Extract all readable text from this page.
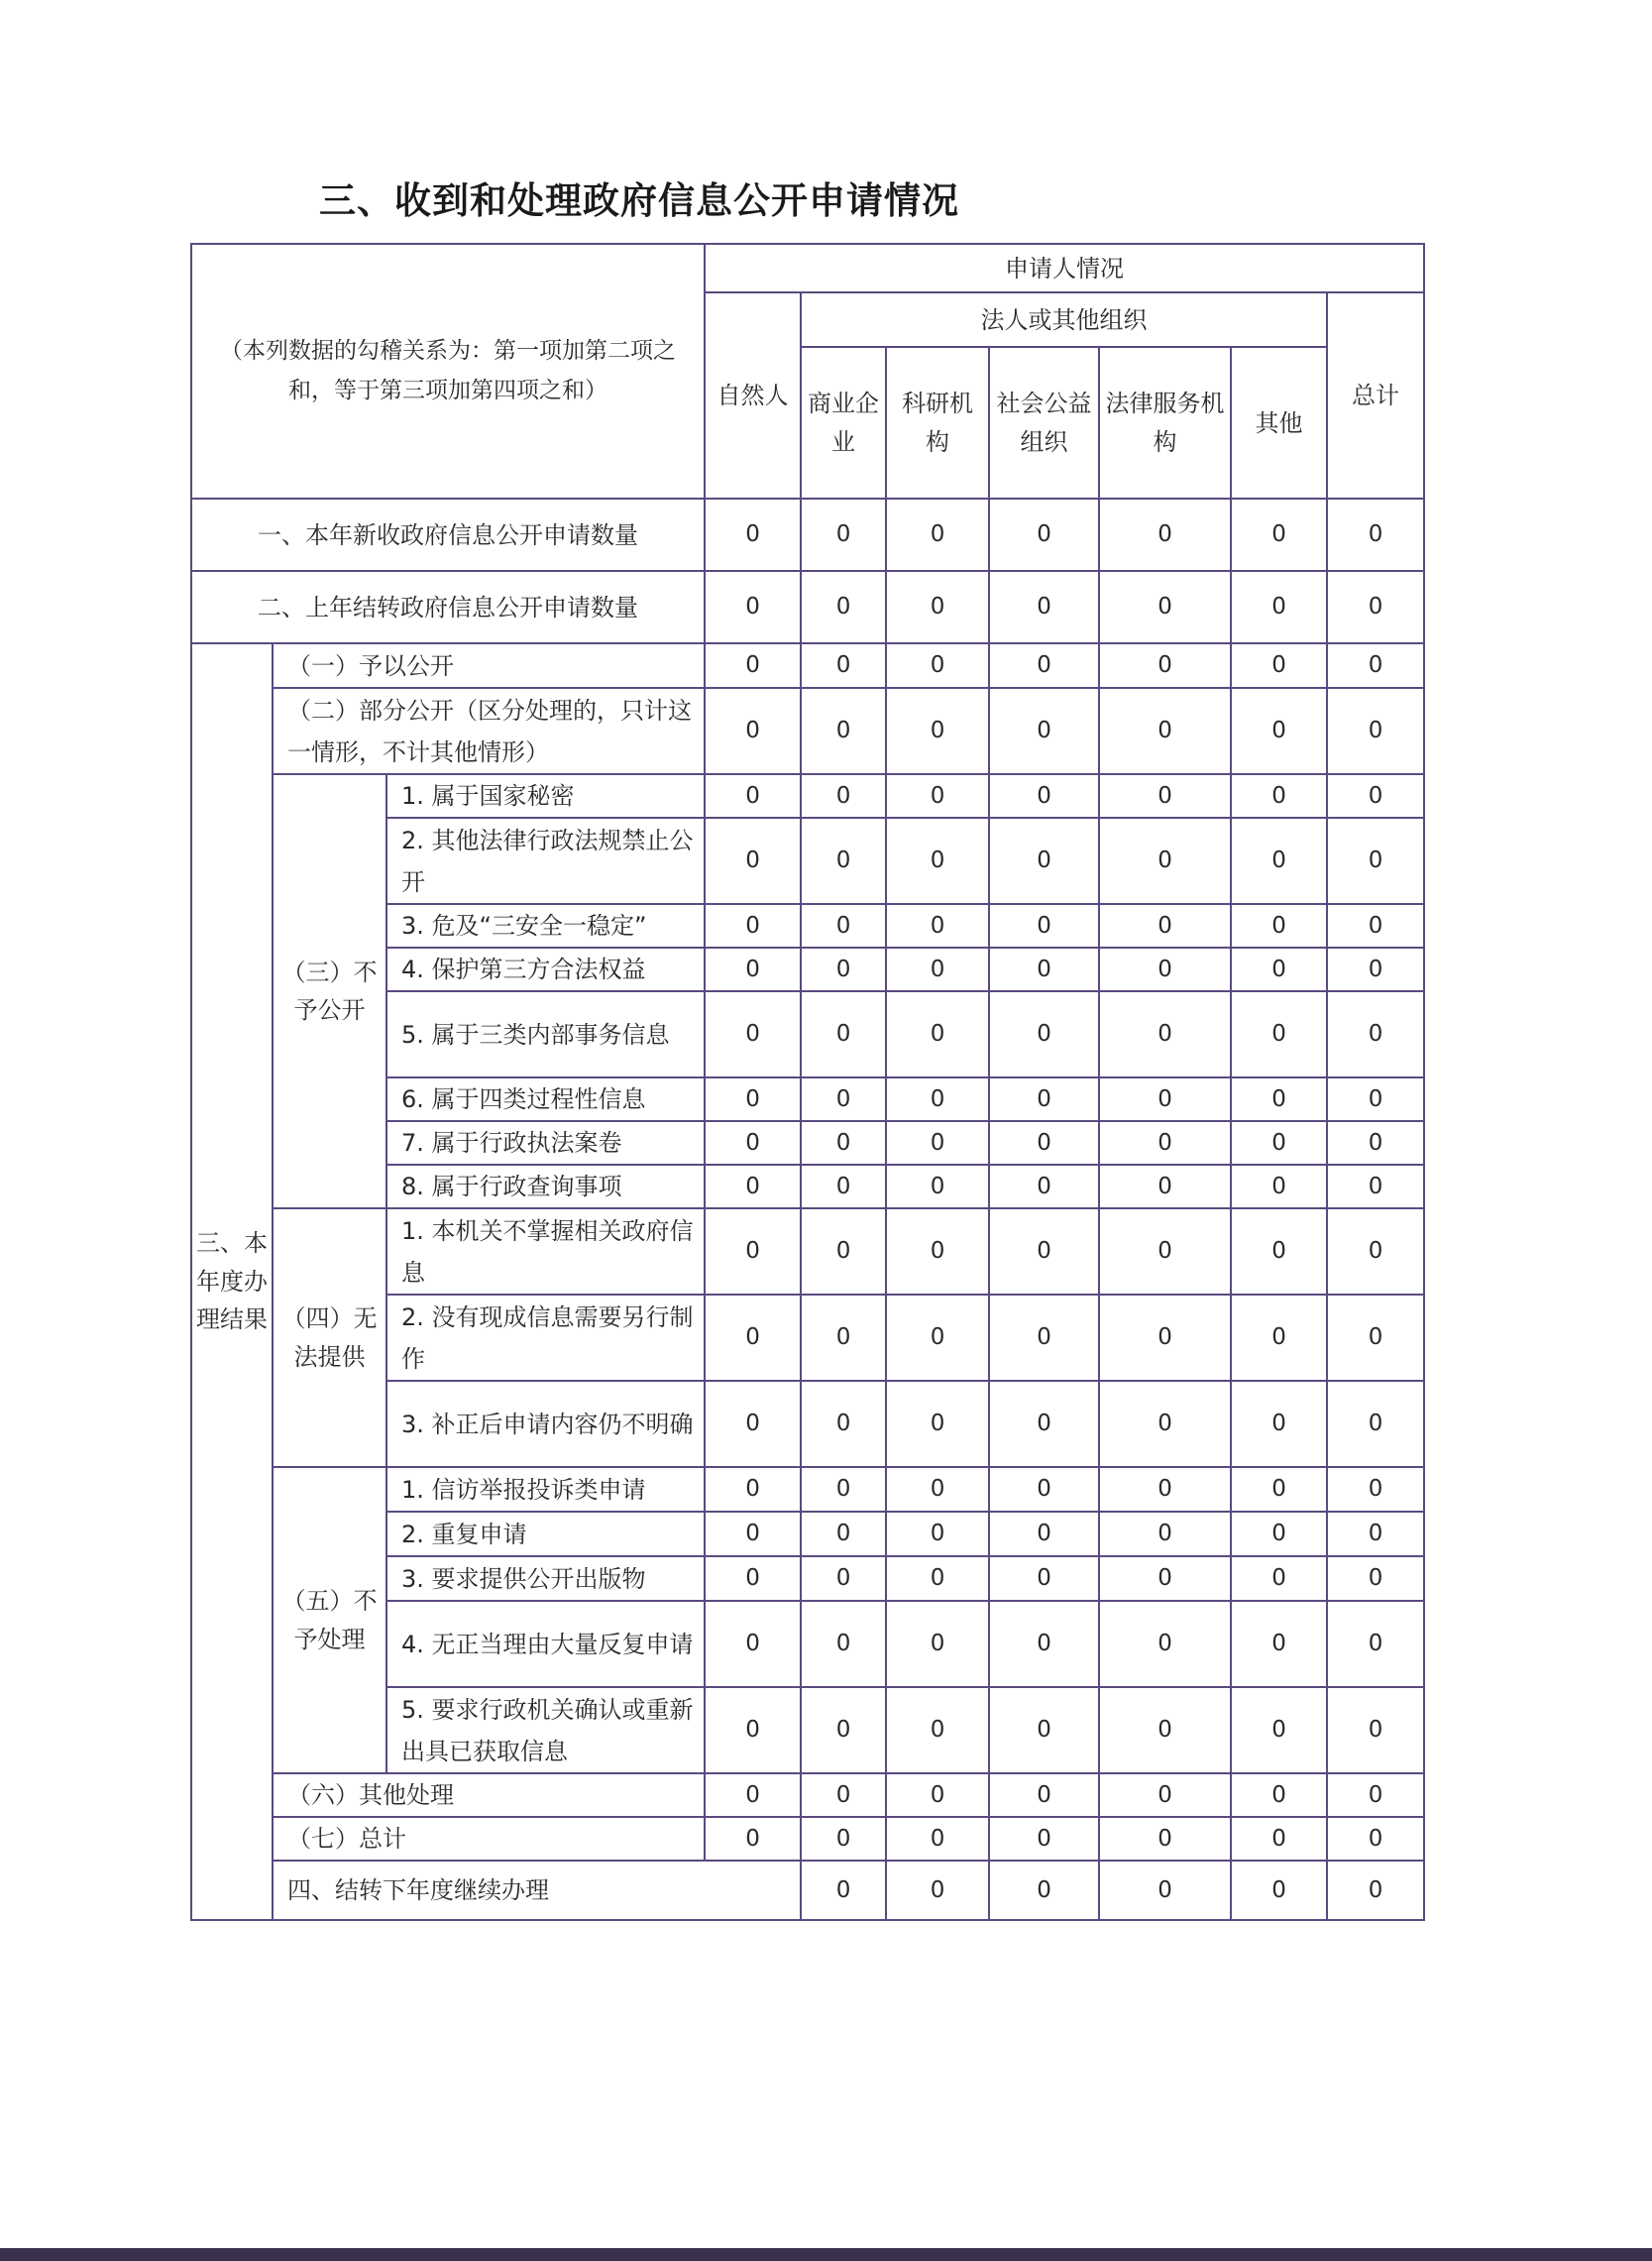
三、收到和处理政府信息公开申请情况
（本列数据的勾稽关系为：第一项加第二项之和，等于第三项加第四项之和）			申请人情况							
			自然人	法人或其他组织					总计	
				商业企业	科研机构	社会公益组织	法律服务机构	其他		
一、本年新收政府信息公开申请数量			0	0	0	0	0	0	0	
二、上年结转政府信息公开申请数量			0	0	0	0	0	0	0	
三、本年度办理结果	（一）予以公开		0	0	0	0	0	0	0	
	（二）部分公开（区分处理的，只计这一情形，不计其他情形）		0	0	0	0	0	0	0	
	（三）不予公开	1. 属于国家秘密	0	0	0	0	0	0	0	
		2. 其他法律行政法规禁止公开	0	0	0	0	0	0	0	
		3. 危及“三安全一稳定”	0	0	0	0	0	0	0	
		4. 保护第三方合法权益	0	0	0	0	0	0	0	
		5. 属于三类内部事务信息	0	0	0	0	0	0	0	
		6. 属于四类过程性信息	0	0	0	0	0	0	0	
		7. 属于行政执法案卷	0	0	0	0	0	0	0	
		8. 属于行政查询事项	0	0	0	0	0	0	0	
	（四）无法提供	1. 本机关不掌握相关政府信息	0	0	0	0	0	0	0	
		2. 没有现成信息需要另行制作	0	0	0	0	0	0	0	
		3. 补正后申请内容仍不明确	0	0	0	0	0	0	0	
	（五）不予处理	1. 信访举报投诉类申请	0	0	0	0	0	0	0	
		2. 重复申请	0	0	0	0	0	0	0	
		3. 要求提供公开出版物	0	0	0	0	0	0	0	
		4. 无正当理由大量反复申请	0	0	0	0	0	0	0	
		5. 要求行政机关确认或重新出具已获取信息	0	0	0	0	0	0	0	
	（六）其他处理		0	0	0	0	0	0	0	
	（七）总计		0	0	0	0	0	0	0	
	四、结转下年度继续办理			0	0	0	0	0	0	
